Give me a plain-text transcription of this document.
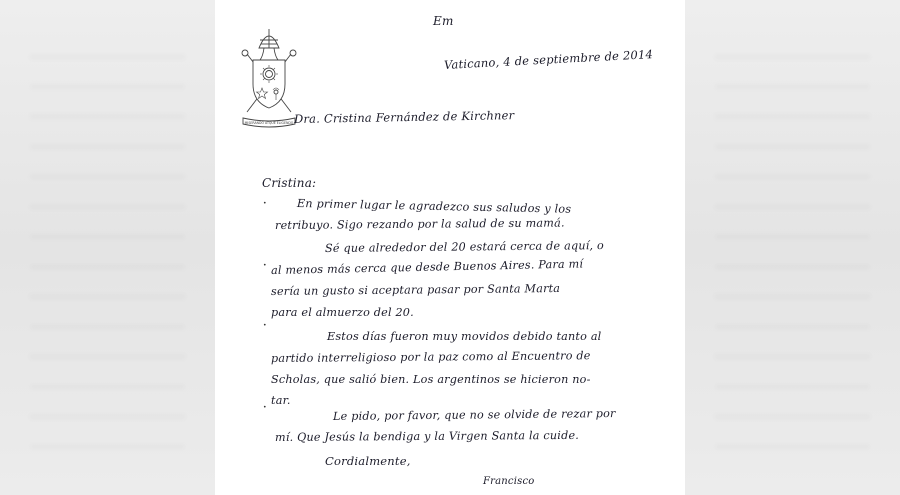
Em
MISERANDO ATQUE ELIGENDO
Vaticano, 4 de septiembre de 2014
Dra. Cristina Fernández de Kirchner
Cristina:
En primer lugar le agradezco sus saludos y los
retribuyo. Sigo rezando por la salud de su mamá.
Sé que alrededor del 20 estará cerca de aquí, o
al menos más cerca que desde Buenos Aires. Para mí
sería un gusto si aceptara pasar por Santa Marta
para el almuerzo del 20.
Estos días fueron muy movidos debido tanto al
partido interreligioso por la paz como al Encuentro de
Scholas, que salió bien. Los argentinos se hicieron no-
tar.
Le pido, por favor, que no se olvide de rezar por
mí. Que Jesús la bendiga y la Virgen Santa la cuide.
Cordialmente,
Francisco
•
•
•
•
